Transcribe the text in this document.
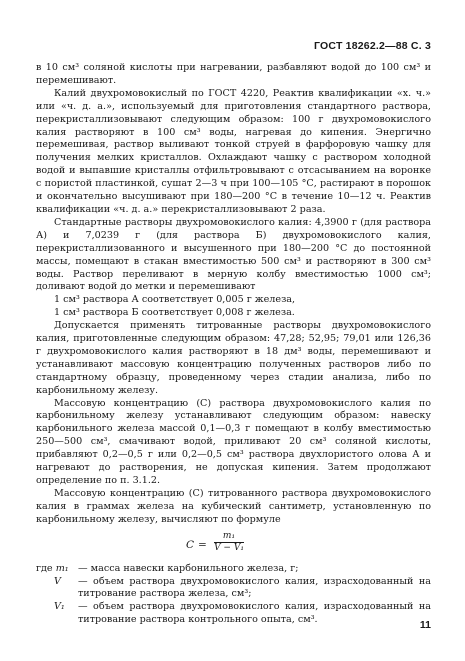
ГОСТ 18262.2—88 С. 3

в 10 см³ соляной кислоты при нагревании, разбавляют водой до 100 см³ и перемешивают.

Калий двухромовокислый по ГОСТ 4220, Реактив квалификации «х. ч.» или «ч. д. а.», используемый для приготовления стандартного раствора, перекристаллизовывают следующим образом: 100 г двухромовокислого калия растворяют в 100 см³ воды, нагревая до кипения. Энергично перемешивая, раствор выливают тонкой струей в фарфоровую чашку для получения мелких кристаллов. Охлаждают чашку с раствором холодной водой и выпавшие кристаллы отфильтровывают с отсасыванием на воронке с пористой пластинкой, сушат 2—3 ч при 100—105 °С, растирают в порошок и окончательно высушивают при 180—200 °С в течение 10—12 ч. Реактив квалификации «ч. д. а.» перекристаллизовывают 2 раза.

Стандартные растворы двухромовокислого калия: 4,3900 г (для раствора А) и 7,0239 г (для раствора Б) двухромовокислого калия, перекристаллизованного и высушенного при 180—200 °С до постоянной массы, помещают в стакан вместимостью 500 см³ и растворяют в 300 см³ воды. Раствор переливают в мерную колбу вместимостью 1000 см³; доливают водой до метки и перемешивают

1 см³ раствора А соответствует 0,005 г железа,

1 см³ раствора Б соответствует 0,008 г железа.

Допускается применять титрованные растворы двухромовокислого калия, приготовленные следующим образом: 47,28; 52,95; 79,01 или 126,36 г двухромовокислого калия растворяют в 18 дм³ воды, перемешивают и устанавливают массовую концентрацию полученных растворов либо по стандартному образцу, проведенному через стадии анализа, либо по карбонильному железу.

Массовую концентрацию (С) раствора двухромовокислого калия по карбонильному железу устанавливают следующим образом: навеску карбонильного железа массой 0,1—0,3 г помещают в колбу вместимостью 250—500 см³, смачивают водой, приливают 20 см³ соляной кислоты, прибавляют 0,2—0,5 г или 0,2—0,5 см³ раствора двухлористого олова А и нагревают до растворения, не допуская кипения. Затем продолжают определение по п. 3.1.2.

Массовую концентрацию (С) титрованного раствора двухромовокислого калия в граммах железа на кубический сантиметр, установленную по карбонильному железу, вычисляют по формуле

$C = \frac{\text{m₁}}{\text{V − V₁}}$
где m₁ — масса навески карбонильного железа, г;
V	— объем раствора двухромовокислого калия, израсходованный на титрование раствора железа, см³;
V₁	— объем раствора двухромовокислого калия, израсходованный на титрование раствора контрольного опыта, см³.	11
